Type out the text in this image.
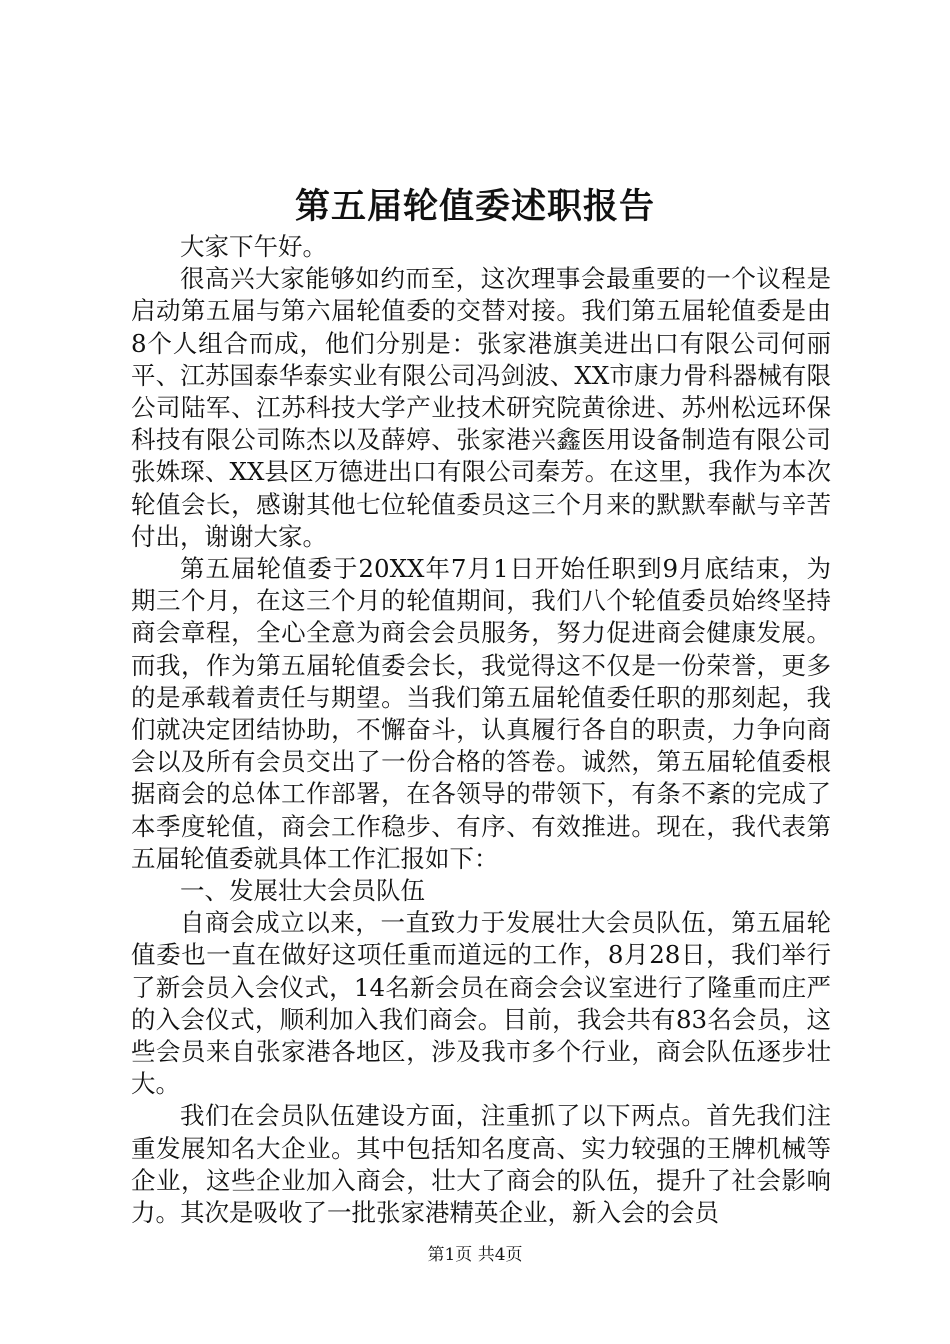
第五届轮值委述职报告

大家下午好。

很高兴大家能够如约而至，这次理事会最重要的一个议程是启动第五届与第六届轮值委的交替对接。我们第五届轮值委是由8个人组合而成，他们分别是：张家港旗美进出口有限公司何丽平、江苏国泰华泰实业有限公司冯剑波、XX市康力骨科器械有限公司陆军、江苏科技大学产业技术研究院黄徐进、苏州松远环保科技有限公司陈杰以及薛婷、张家港兴鑫医用设备制造有限公司张姝琛、XX县区万德进出口有限公司秦芳。在这里，我作为本次轮值会长，感谢其他七位轮值委员这三个月来的默默奉献与辛苦付出，谢谢大家。

第五届轮值委于20XX年7月1日开始任职到9月底结束，为期三个月，在这三个月的轮值期间，我们八个轮值委员始终坚持商会章程，全心全意为商会会员服务，努力促进商会健康发展。而我，作为第五届轮值委会长，我觉得这不仅是一份荣誉，更多的是承载着责任与期望。当我们第五届轮值委任职的那刻起，我们就决定团结协助，不懈奋斗，认真履行各自的职责，力争向商会以及所有会员交出了一份合格的答卷。诚然，第五届轮值委根据商会的总体工作部署，在各领导的带领下，有条不紊的完成了本季度轮值，商会工作稳步、有序、有效推进。现在，我代表第五届轮值委就具体工作汇报如下：

一、发展壮大会员队伍

自商会成立以来，一直致力于发展壮大会员队伍，第五届轮值委也一直在做好这项任重而道远的工作，8月28日，我们举行了新会员入会仪式，14名新会员在商会会议室进行了隆重而庄严的入会仪式，顺利加入我们商会。目前，我会共有83名会员，这些会员来自张家港各地区，涉及我市多个行业，商会队伍逐步壮大。

我们在会员队伍建设方面，注重抓了以下两点。首先我们注重发展知名大企业。其中包括知名度高、实力较强的王牌机械等企业，这些企业加入商会，壮大了商会的队伍，提升了社会影响力。其次是吸收了一批张家港精英企业，新入会的会员

第1页 共4页
